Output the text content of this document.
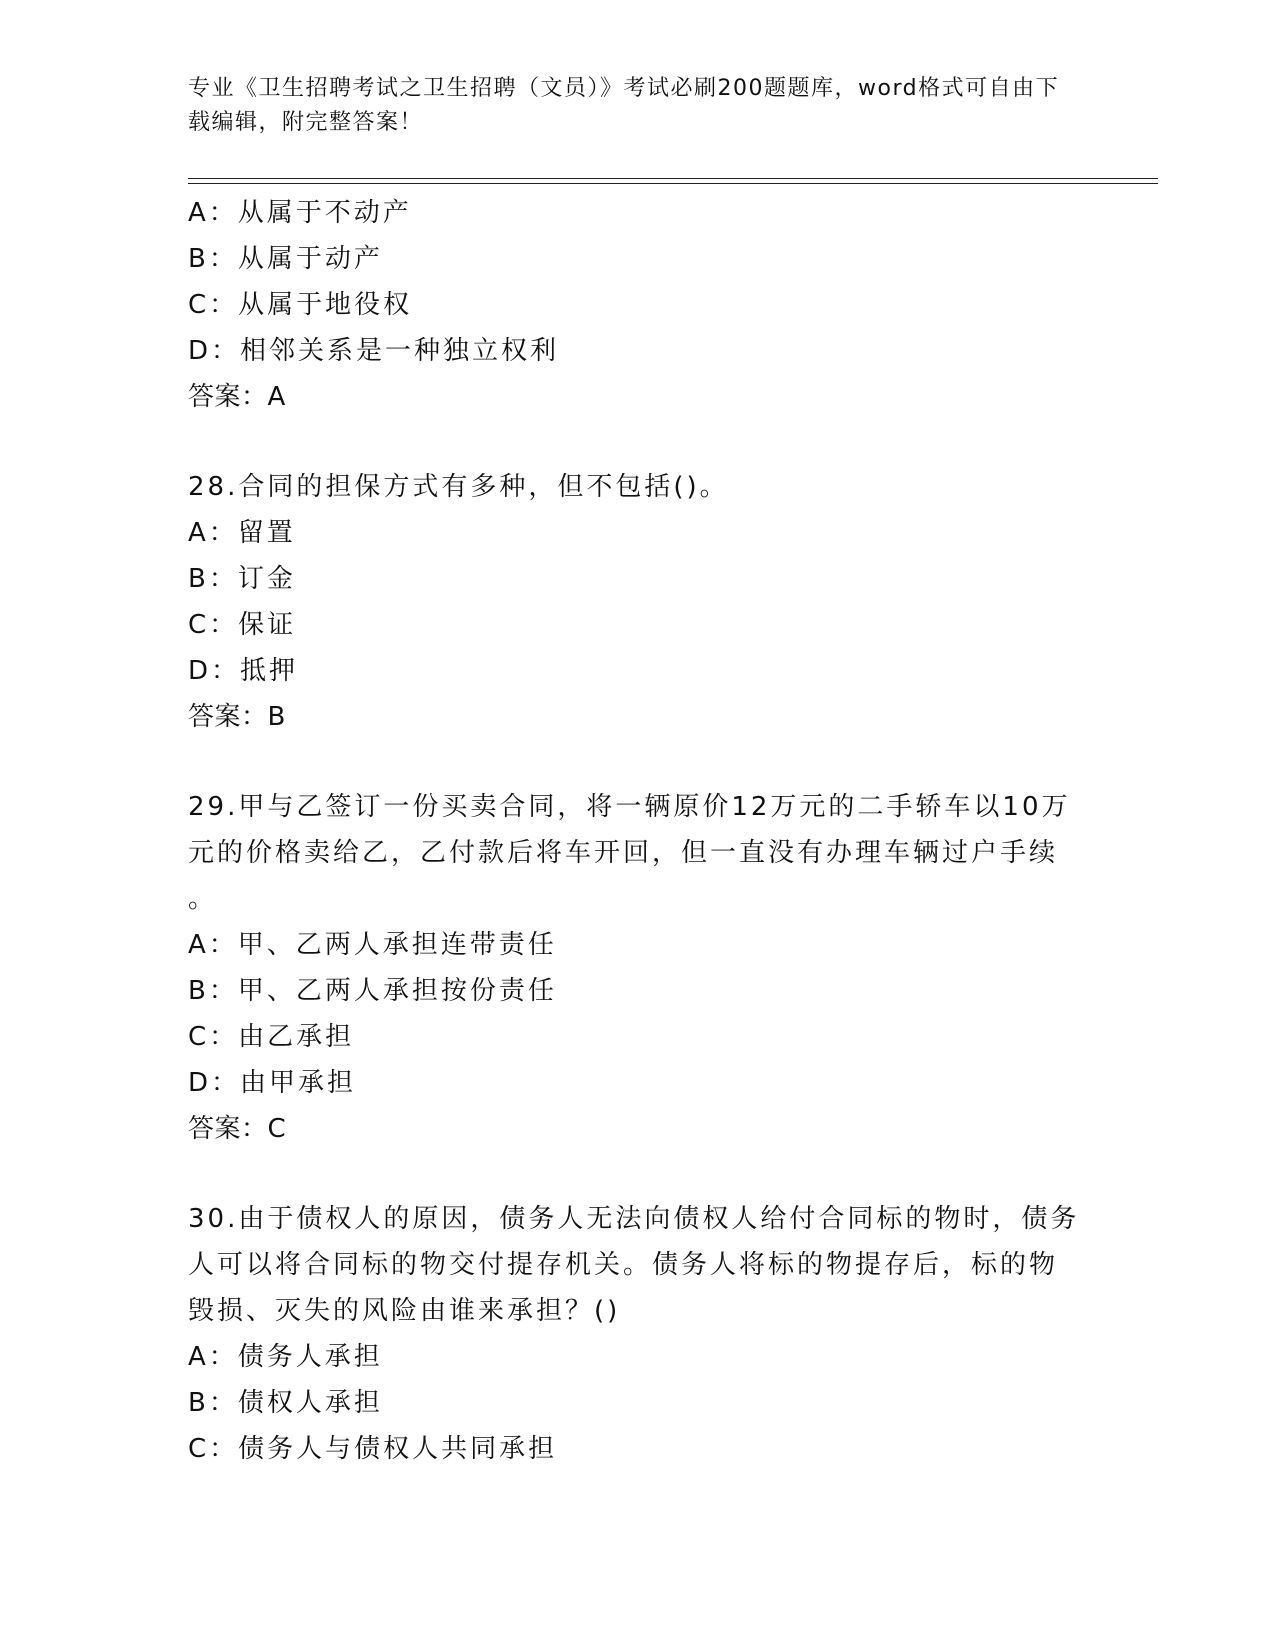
专业《卫生招聘考试之卫生招聘（文员）》考试必刷200题题库，word格式可自由下载编辑，附完整答案！
A：从属于不动产
B：从属于动产
C：从属于地役权
D：相邻关系是一种独立权利
答案：A
28.合同的担保方式有多种，但不包括()。
A：留置
B：订金
C：保证
D：抵押
答案：B
29.甲与乙签订一份买卖合同，将一辆原价12万元的二手轿车以10万
元的价格卖给乙，乙付款后将车开回，但一直没有办理车辆过户手续
。
A：甲、乙两人承担连带责任
B：甲、乙两人承担按份责任
C：由乙承担
D：由甲承担
答案：C
30.由于债权人的原因，债务人无法向债权人给付合同标的物时，债务
人可以将合同标的物交付提存机关。债务人将标的物提存后，标的物
毁损、灭失的风险由谁来承担？()
A：债务人承担
B：债权人承担
C：债务人与债权人共同承担
